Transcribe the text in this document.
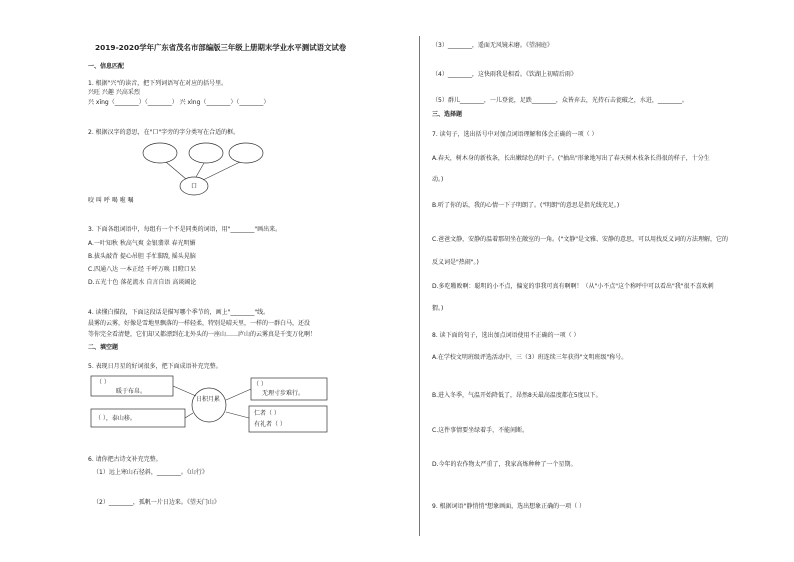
2019-2020学年广东省茂名市部编版三年级上册期末学业水平测试语文试卷
一、信息匹配
1. 根据"兴"的读音，把下列词语写在对应的括号里。
兴旺 兴趣 兴高采烈
兴 xīng（________）（________） 兴 xìng（________）（________）
2. 根据汉字的意思，在"口"字旁的字分类写在合适的框。
口
咬 叫 呼 喝 啦 嘱
3. 下面各组词语中，每组有一个不是同类的词语，用"________"画出来。
A.一叶知秋 秋高气爽 金银翡翠 春光明媚
B.拔头敲背 提心吊胆 手忙脚乱 摇头晃脑
C.四通八达 一本正经 千呼万唤 目瞪口呆
D.五光十色 落花流水 自言自语 高谈阔论
4. 读懂白描段，下面这段话是描写哪个季节的，画上"________"线。
晨雾的云雾，好像是雪地里飘落的一样轻柔，特别是晴天里，一样的一群白马，还没
等你完全看清楚，它们却又都漂到在北外头的一座山……庐山的云雾真是千变万化啊！
二、填空题
5. 表现日月星的好词很多，把下面成语补充完整。
（ ）
暖于布帛。
（ ）
无理寸步难行。
日积月累
（ ），泰山移。
仁者（ ）
有礼者（ ）
6. 请你把古诗文补充完整。
（1）远上寒山石径斜，________。《山行》
（2）________，孤帆一片日边来。《望天门山》
（3）________，遥面无风镜未磨。《望洞庭》
（4）________，这快雨我是相看。《饮湖上初晴后雨》
（5）群儿________，一儿登瓮，足跌________，众皆弃去，光持石击瓮破之，水迸，________。
三、选择题
7. 读句子，选出括号中对加点词语理解和体会正确的一项（ ）
A.春天，树木身的新枝条，长出嫩绿色的叶子。("抽出"形象地写出了春天树木枝条长得很的样子，十分生
动。)
B.听了你的话，我的心情一下子明朗了。("明朗"的意思是指光线充足。)
C.爸爸文静，安静的温着那胡坐在敞室的一角。("文静"是文雅、安静的意思，可以用找反义词的方法理解，它的
反义词是"热闹"。)
D.多吃啪败啊：聪明的小不点，偏宠的事我可真有啊啊！（从"小不点"这个称呼中可以看出"我"很不喜欢刺
猬。)
8. 读下面的句子，选出加点词语使用不正确的一项（ ）
A.在学校文明班级评选活动中，三（3）班连续三年获得"文明班级"称号。
B.进入冬季，气温开始降低了，昂然8天最高温度都在5度以下。
C.这件事情要坐绿着手，不能间断。
D.今年的农作物太严重了，我家高炼种种了一个星期。
9. 根据词语"静悄悄"想象画面，选出想象正确的一项（ ）
